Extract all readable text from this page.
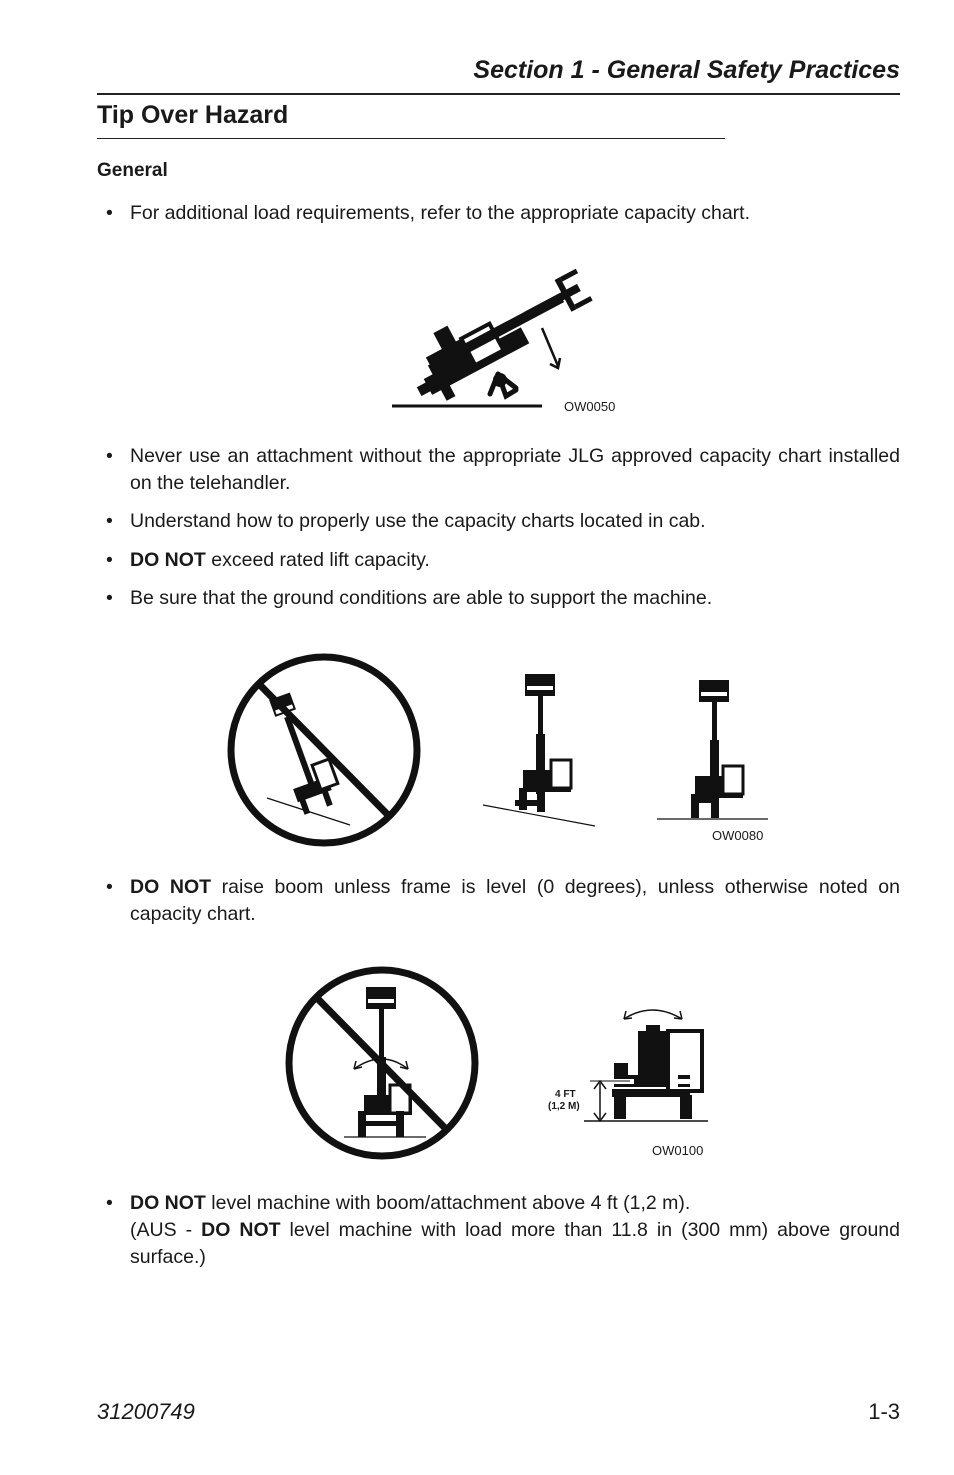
Section 1 - General Safety Practices
Tip Over Hazard
General
• For additional load requirements, refer to the appropriate capacity chart.
OW0050
• Never use an attachment without the appropriate JLG approved capacity chart installed on the telehandler.
• Understand how to properly use the capacity charts located in cab.
• DO NOT exceed rated lift capacity.
• Be sure that the ground conditions are able to support the machine.
OW0080
• DO NOT raise boom unless frame is level (0 degrees), unless otherwise noted on capacity chart.
4 FT
(1,2 M)
OW0100
• DO NOT level machine with boom/attachment above 4 ft (1,2 m).
(AUS - DO NOT level machine with load more than 11.8 in (300 mm) above ground surface.)
31200749	1-3
